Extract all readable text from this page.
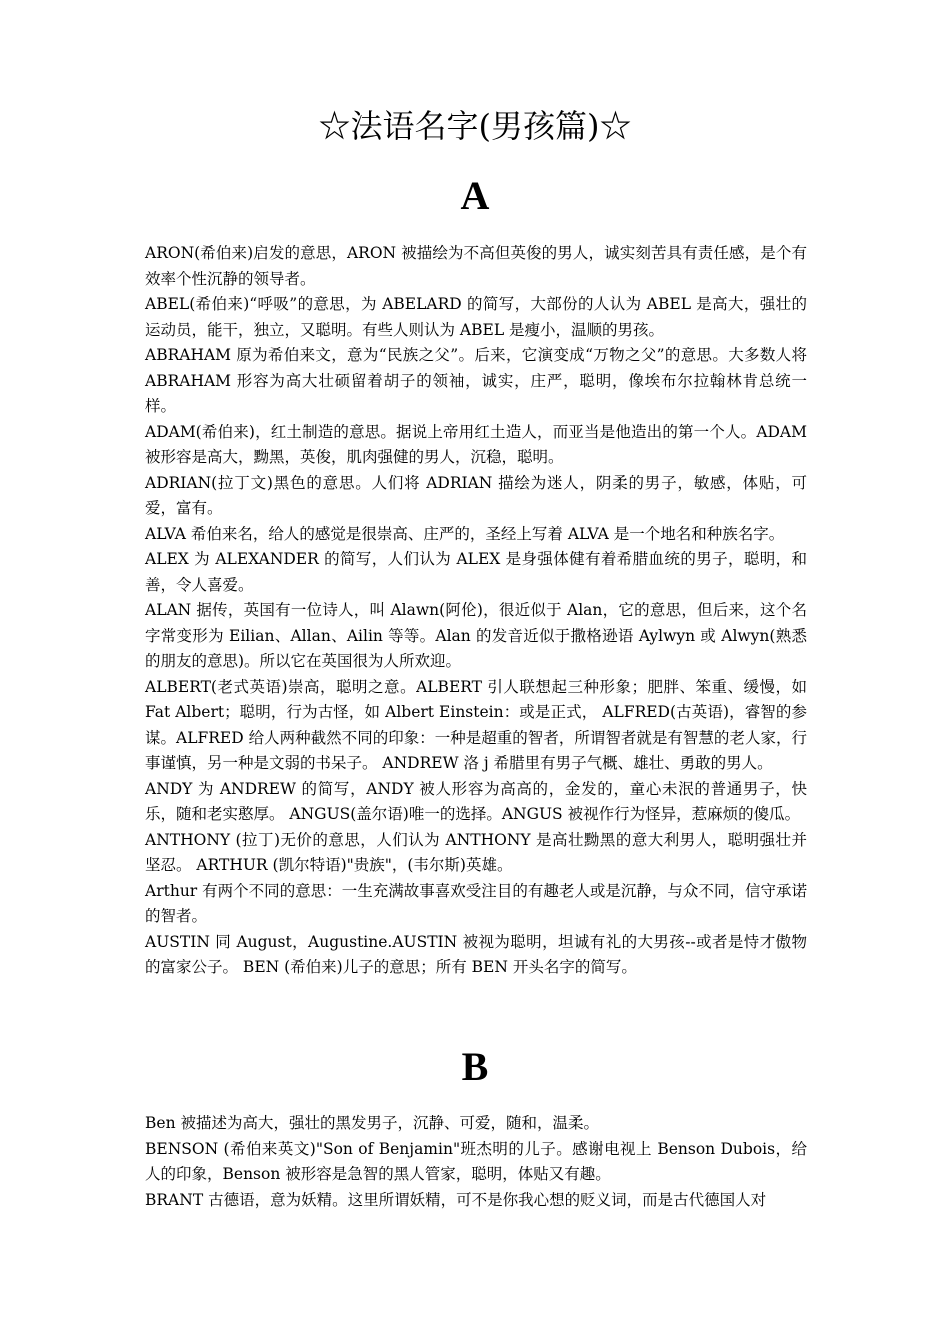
☆法语名字(男孩篇)☆
A

ARON(希伯来)启发的意思，ARON 被描绘为不高但英俊的男人，诚实刻苦具有责任感，是个有效率个性沉静的领导者。

ABEL(希伯来)“呼吸”的意思，为 ABELARD 的简写，大部份的人认为 ABEL 是高大，强壮的运动员，能干，独立，又聪明。有些人则认为 ABEL 是瘦小，温顺的男孩。

ABRAHAM 原为希伯来文，意为“民族之父”。后来，它演变成“万物之父”的意思。大多数人将 ABRAHAM 形容为高大壮硕留着胡子的领袖，诚实，庄严，聪明，像埃布尔拉翰林肯总统一样。

ADAM(希伯来)，红土制造的意思。据说上帝用红土造人，而亚当是他造出的第一个人。ADAM 被形容是高大，黝黑，英俊，肌肉强健的男人，沉稳，聪明。

ADRIAN(拉丁文)黑色的意思。人们将 ADRIAN 描绘为迷人，阴柔的男子，敏感，体贴，可爱，富有。

ALVA 希伯来名，给人的感觉是很崇高、庄严的，圣经上写着 ALVA 是一个地名和种族名字。

ALEX 为 ALEXANDER 的简写，人们认为 ALEX 是身强体健有着希腊血统的男子，聪明，和善，令人喜爱。

ALAN 据传，英国有一位诗人，叫 Alawn(阿伦)，很近似于 Alan，它的意思，但后来，这个名字常变形为 Eilian、Allan、Ailin 等等。Alan 的发音近似于撒格逊语 Aylwyn 或 Alwyn(熟悉的朋友的意思)。所以它在英国很为人所欢迎。

ALBERT(老式英语)崇高，聪明之意。ALBERT 引人联想起三种形象；肥胖、笨重、缓慢，如 Fat Albert；聪明，行为古怪，如 Albert Einstein：或是正式， ALFRED(古英语)，睿智的参谋。ALFRED 给人两种截然不同的印象：一种是超重的智者，所谓智者就是有智慧的老人家，行事谨慎，另一种是文弱的书呆子。 ANDREW 洛 j 希腊里有男子气概、雄壮、勇敢的男人。

ANDY 为 ANDREW 的简写，ANDY 被人形容为高高的，金发的，童心未泯的普通男子，快乐，随和老实憨厚。 ANGUS(盖尔语)唯一的选择。ANGUS 被视作行为怪异，惹麻烦的傻瓜。

ANTHONY (拉丁)无价的意思，人们认为 ANTHONY 是高壮黝黑的意大利男人，聪明强壮并坚忍。 ARTHUR (凯尔特语)"贵族"，(韦尔斯)英雄。

Arthur 有两个不同的意思：一生充满故事喜欢受注目的有趣老人或是沉静，与众不同，信守承诺的智者。

AUSTIN 同 August，Augustine.AUSTIN 被视为聪明，坦诚有礼的大男孩--或者是恃才傲物的富家公子。 BEN (希伯来)儿子的意思；所有 BEN 开头名字的简写。

B

Ben 被描述为高大，强壮的黑发男子，沉静、可爱，随和，温柔。

BENSON (希伯来英文)"Son of Benjamin"班杰明的儿子。感谢电视上 Benson Dubois，给人的印象，Benson 被形容是急智的黑人管家，聪明，体贴又有趣。

BRANT 古德语，意为妖精。这里所谓妖精，可不是你我心想的贬义词，而是古代德国人对
